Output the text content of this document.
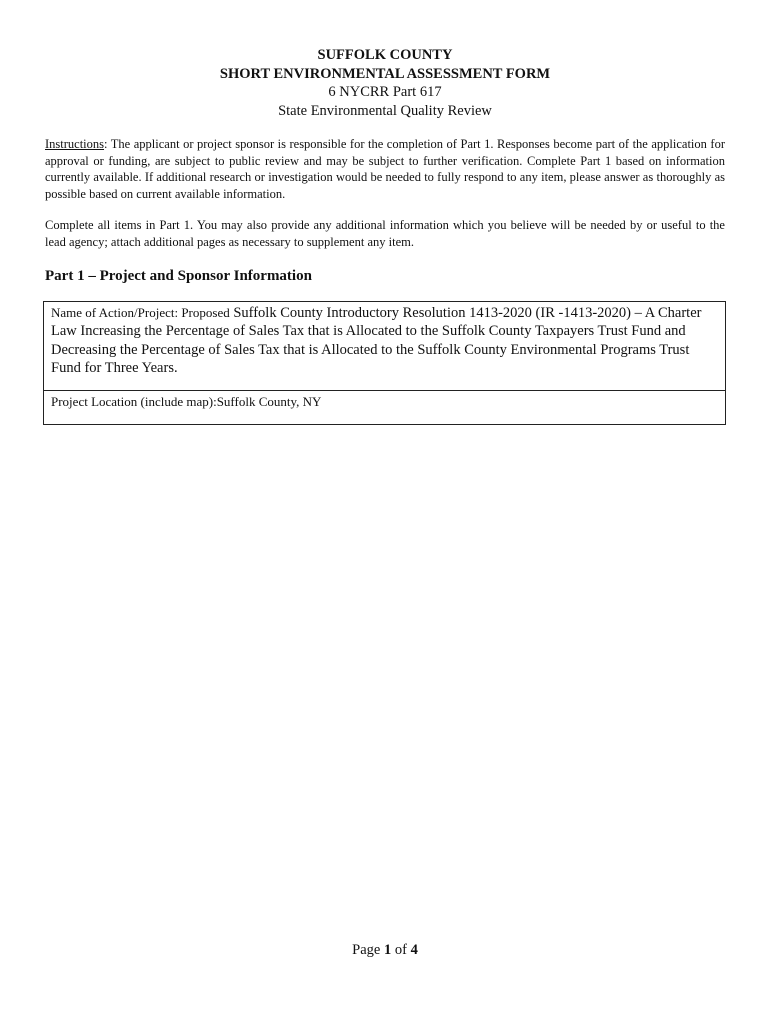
SUFFOLK COUNTY
SHORT ENVIRONMENTAL ASSESSMENT FORM
6 NYCRR Part 617
State Environmental Quality Review
Instructions: The applicant or project sponsor is responsible for the completion of Part 1. Responses become part of the application for approval or funding, are subject to public review and may be subject to further verification. Complete Part 1 based on information currently available. If additional research or investigation would be needed to fully respond to any item, please answer as thoroughly as possible based on current available information.
Complete all items in Part 1. You may also provide any additional information which you believe will be needed by or useful to the lead agency; attach additional pages as necessary to supplement any item.
Part 1 – Project and Sponsor Information
Name of Action/Project: Proposed Suffolk County Introductory Resolution 1413-2020 (IR -1413-2020) – A Charter Law Increasing the Percentage of Sales Tax that is Allocated to the Suffolk County Taxpayers Trust Fund and Decreasing the Percentage of Sales Tax that is Allocated to the Suffolk County Environmental Programs Trust Fund for Three Years.
Project Location (include map):Suffolk County, NY
Page 1 of 4
